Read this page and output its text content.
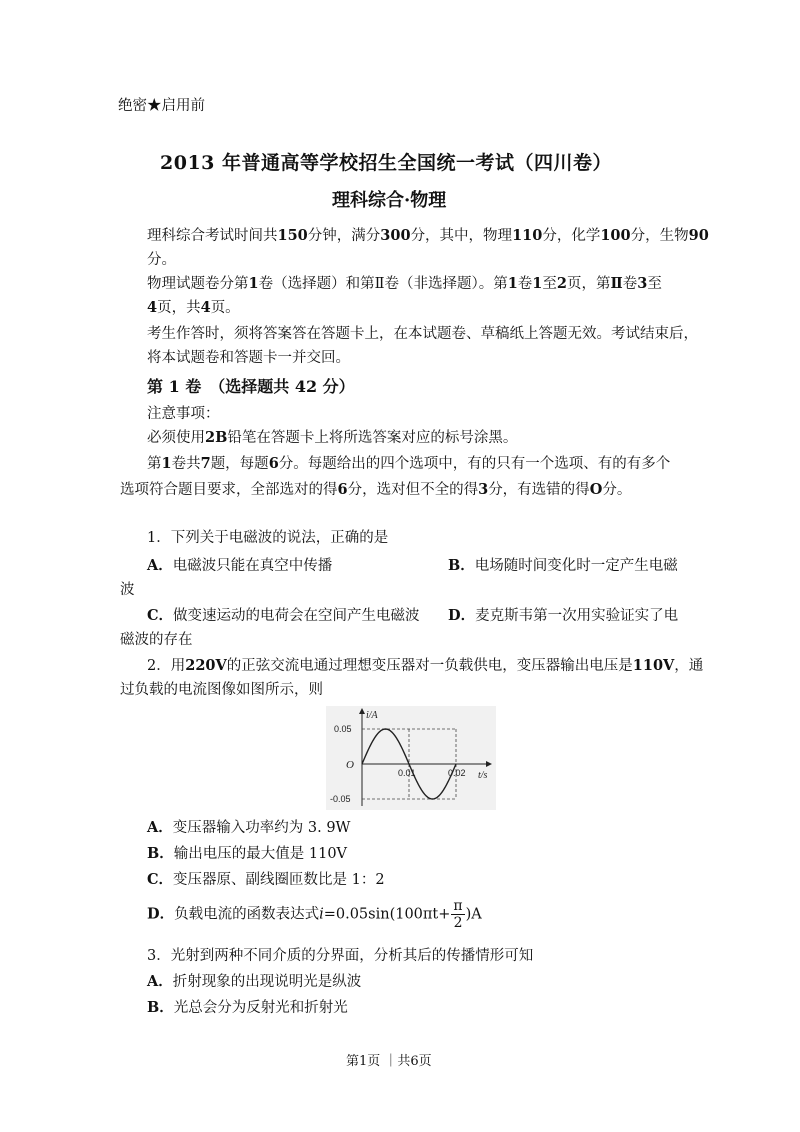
绝密★启用前
2013 年普通高等学校招生全国统一考试（四川卷）
理科综合·物理
理科综合考试时间共150分钟，满分300分，其中，物理110分，化学100分，生物90
分。
物理试题卷分第1卷（选择题）和第Ⅱ卷（非选择题）。第1卷1至2页，第Ⅱ卷3至
4页，共4页。
考生作答时，须将答案答在答题卡上，在本试题卷、草稿纸上答题无效。考试结束后，
将本试题卷和答题卡一并交回。
第 1 卷　（选择题共 42 分）
注意事项：
必须使用2B铅笔在答题卡上将所选答案对应的标号涂黑。
第1卷共7题，每题6分。每题给出的四个选项中，有的只有一个选项、有的有多个
选项符合题目要求，全部选对的得6分，选对但不全的得3分，有选错的得O分。
1．下列关于电磁波的说法，正确的是
A．电磁波只能在真空中传播	B．电场随时间变化时一定产生电磁
波
C．做变速运动的电荷会在空间产生电磁波 D．麦克斯韦第一次用实验证实了电
磁波的存在
2．用220V的正弦交流电通过理想变压器对一负载供电，变压器输出电压是110V，通
过负载的电流图像如图所示，则
i/A
t/s
O
0.05
-0.05
0.01	0.02
A．变压器输入功率约为 3. 9W
B．输出电压的最大值是 110V
C．变压器原、副线圈匝数比是 1：2
D．负载电流的函数表达式$i=0.05\sin(100\pi t+ \frac{\pi}{2} )A$
3．光射到两种不同介质的分界面，分析其后的传播情形可知
A．折射现象的出现说明光是纵波
B．光总会分为反射光和折射光
第1页 ｜共6页
